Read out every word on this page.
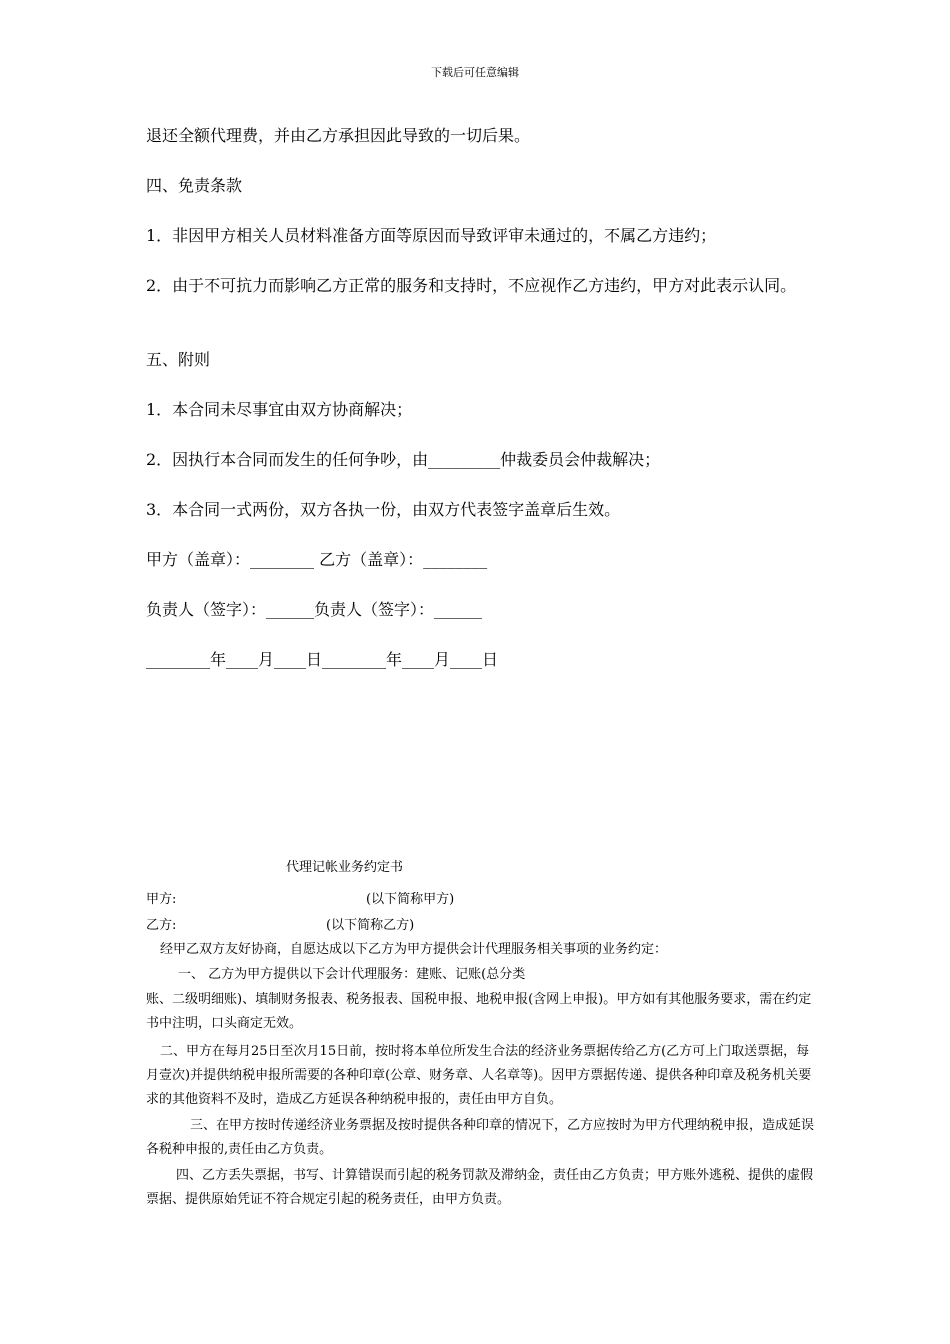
下载后可任意编辑

退还全额代理费，并由乙方承担因此导致的一切后果。

四、免责条款

1．非因甲方相关人员材料准备方面等原因而导致评审未通过的，不属乙方违约；

2．由于不可抗力而影响乙方正常的服务和支持时，不应视作乙方违约，甲方对此表示认同。

五、附则

1．本合同未尽事宜由双方协商解决；

2．因执行本合同而发生的任何争吵，由_________仲裁委员会仲裁解决；

3．本合同一式两份，双方各执一份，由双方代表签字盖章后生效。

甲方（盖章）：________ 乙方（盖章）：________

负责人（签字）：______负责人（签字）：______

________年____月____日________年____月____日

代理记帐业务约定书
甲方:	(以下简称甲方)
乙方:	(以下简称乙方)

经甲乙双方友好协商，自愿达成以下乙方为甲方提供会计代理服务相关事项的业务约定：

一、 乙方为甲方提供以下会计代理服务：建账、记账(总分类

账、二级明细账)、填制财务报表、税务报表、国税申报、地税申报(含网上申报)。甲方如有其他服务要求，需在约定书中注明，口头商定无效。

二、甲方在每月25日至次月15日前，按时将本单位所发生合法的经济业务票据传给乙方(乙方可上门取送票据，每月壹次)并提供纳税申报所需要的各种印章(公章、财务章、人名章等)。因甲方票据传递、提供各种印章及税务机关要求的其他资料不及时，造成乙方延误各种纳税申报的，责任由甲方自负。

三、在甲方按时传递经济业务票据及按时提供各种印章的情况下，乙方应按时为甲方代理纳税申报，造成延误各税种申报的,责任由乙方负责。

四、乙方丢失票据，书写、计算错误而引起的税务罚款及滞纳金，责任由乙方负责；甲方账外逃税、提供的虚假票据、提供原始凭证不符合规定引起的税务责任，由甲方负责。
